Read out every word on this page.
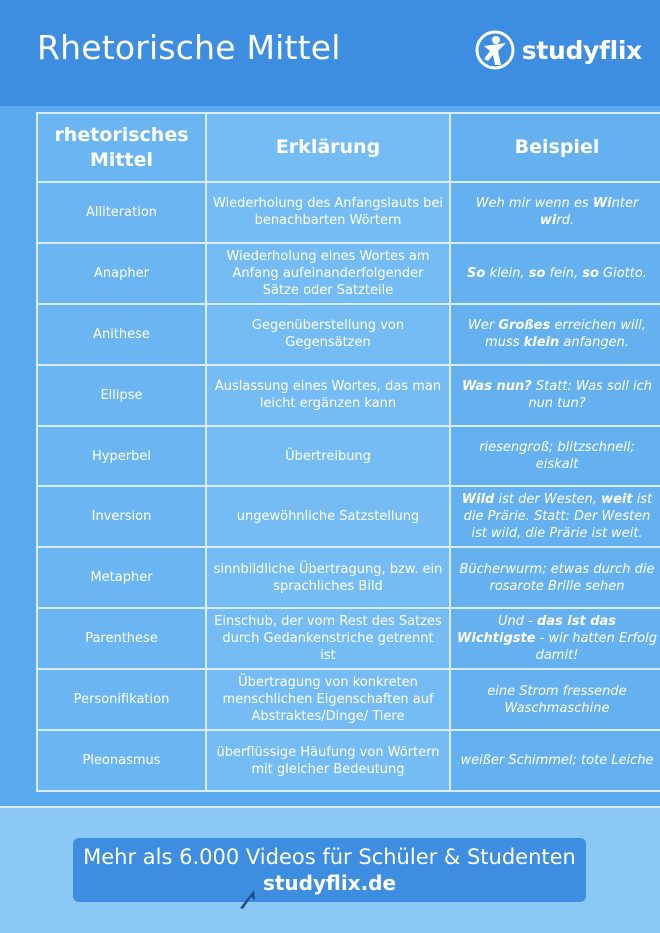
Rhetorische Mittel	studyflix
rhetorisches Mittel	Erklärung	Beispiel
Alliteration	Wiederholung des Anfangslauts bei benachbarten Wörtern	Weh mir wenn es Winter wird.
Anapher	Wiederholung eines Wortes am Anfang aufeinanderfolgender Sätze oder Satzteile	So klein, so fein, so Giotto.
Anithese	Gegenüberstellung von Gegensätzen	Wer Großes erreichen will, muss klein anfangen.
Ellipse	Auslassung eines Wortes, das man leicht ergänzen kann	Was nun? Statt: Was soll ich nun tun?
Hyperbel	Übertreibung	riesengroß; blitzschnell; eiskalt
Inversion	ungewöhnliche Satzstellung	Wild ist der Westen, weit ist die Prärie. Statt: Der Westen ist wild, die Prärie ist weit.
Metapher	sinnbildliche Übertragung, bzw. ein sprachliches Bild	Bücherwurm; etwas durch die rosarote Brille sehen
Parenthese	Einschub, der vom Rest des Satzes durch Gedankenstriche getrennt ist	Und - das ist das Wichtigste - wir hatten Erfolg damit!
Personifikation	Übertragung von konkreten menschlichen Eigenschaften auf Abstraktes/Dinge/ Tiere	eine Strom fressende Waschmaschine
Pleonasmus	überflüssige Häufung von Wörtern mit gleicher Bedeutung	weißer Schimmel; tote Leiche
Mehr als 6.000 Videos für Schüler & Studenten
studyflix.de
